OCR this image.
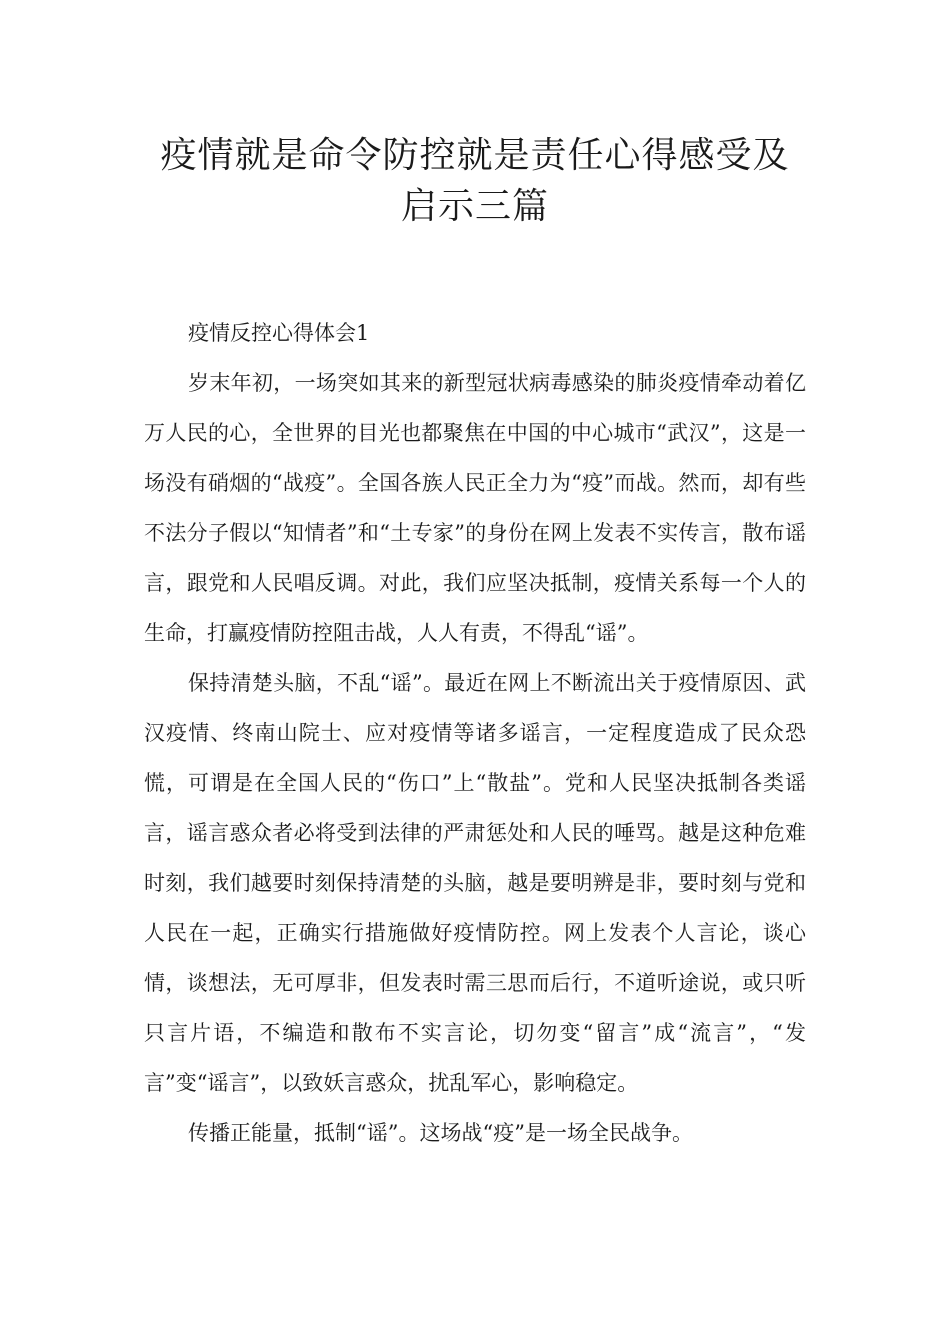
疫情就是命令防控就是责任心得感受及
启示三篇

疫情反控心得体会1

岁末年初，一场突如其来的新型冠状病毒感染的肺炎疫情牵动着亿万人民的心，全世界的目光也都聚焦在中国的中心城市“武汉”，这是一场没有硝烟的“战疫”。全国各族人民正全力为“疫”而战。然而，却有些不法分子假以“知情者”和“土专家”的身份在网上发表不实传言，散布谣言，跟党和人民唱反调。对此，我们应坚决抵制，疫情关系每一个人的生命，打赢疫情防控阻击战，人人有责，不得乱“谣”。

保持清楚头脑，不乱“谣”。最近在网上不断流出关于疫情原因、武汉疫情、终南山院士、应对疫情等诸多谣言，一定程度造成了民众恐慌，可谓是在全国人民的“伤口”上“散盐”。党和人民坚决抵制各类谣言，谣言惑众者必将受到法律的严肃惩处和人民的唾骂。越是这种危难时刻，我们越要时刻保持清楚的头脑，越是要明辨是非，要时刻与党和人民在一起，正确实行措施做好疫情防控。网上发表个人言论，谈心情，谈想法，无可厚非，但发表时需三思而后行，不道听途说，或只听只言片语，不编造和散布不实言论，切勿变“留言”成“流言”，“发言”变“谣言”，以致妖言惑众，扰乱军心，影响稳定。

传播正能量，抵制“谣”。这场战“疫”是一场全民战争。
